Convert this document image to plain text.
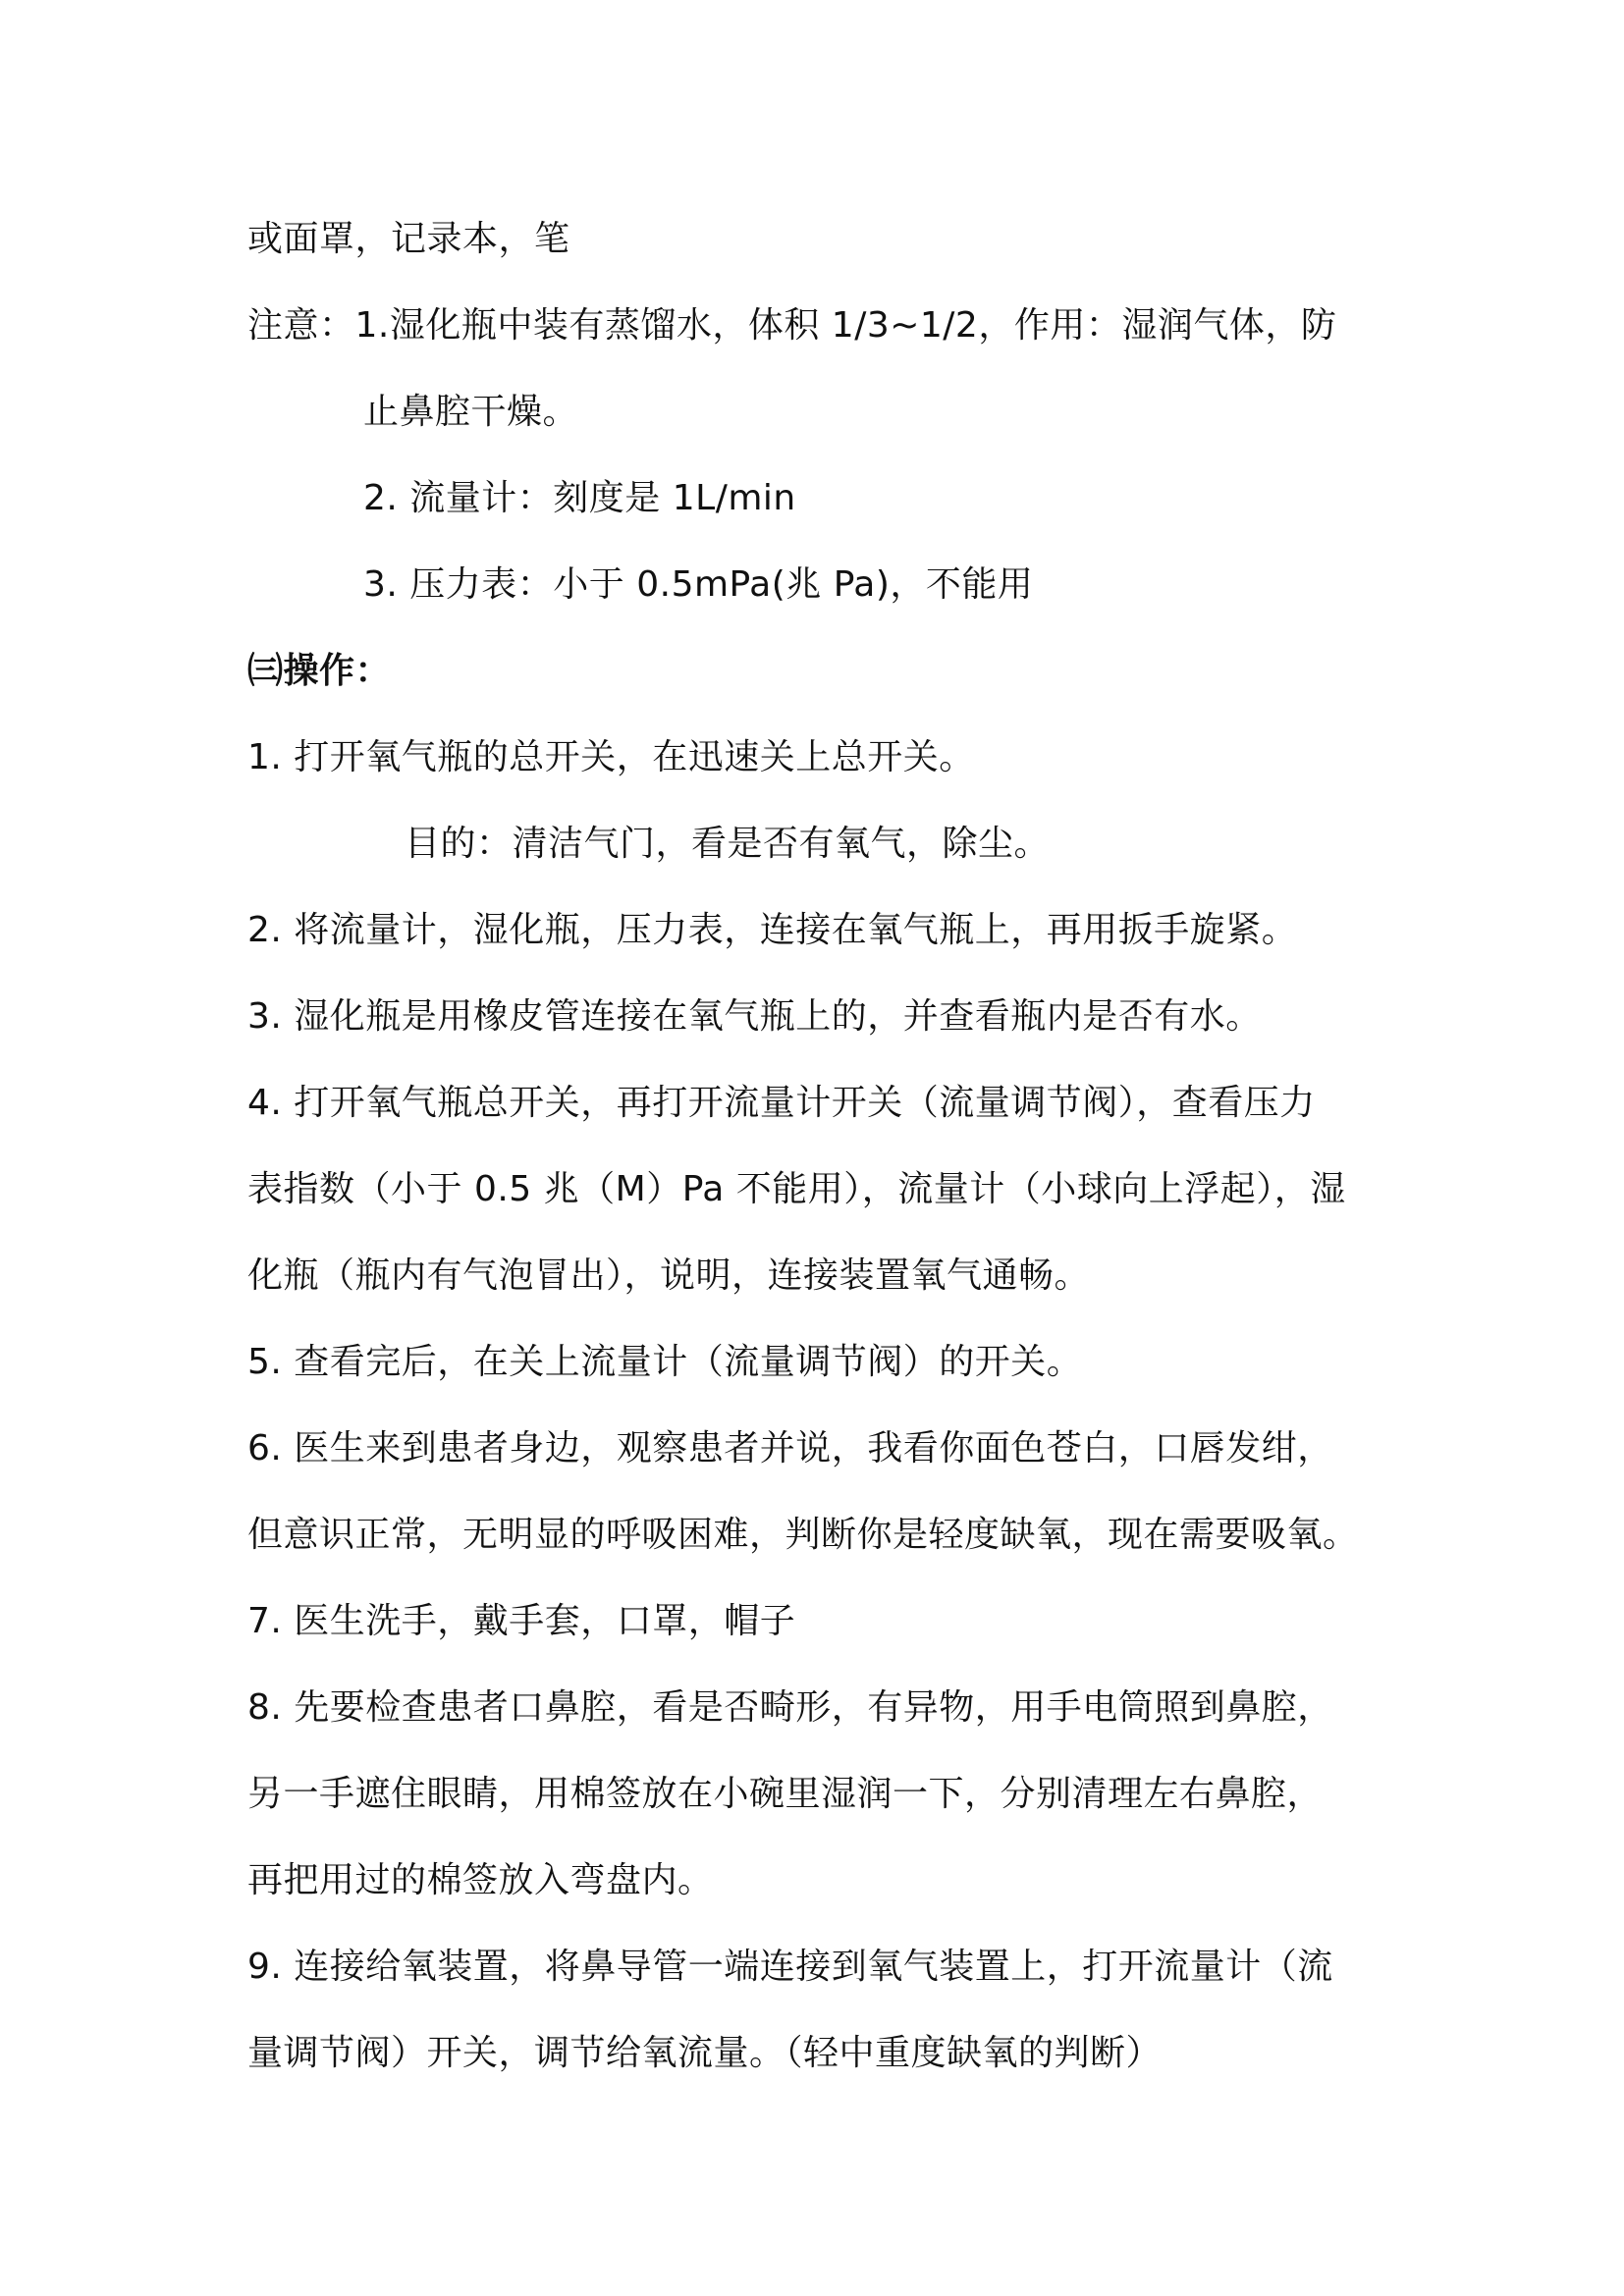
或面罩，记录本，笔
注意：1.湿化瓶中装有蒸馏水，体积 1/3~1/2，作用：湿润气体，防
止鼻腔干燥。
2. 流量计：刻度是 1L/min
3. 压力表：小于 0.5mPa(兆 Pa)，不能用
㈢操作：
1. 打开氧气瓶的总开关，在迅速关上总开关。
目的：清洁气门，看是否有氧气，除尘。
2. 将流量计，湿化瓶，压力表，连接在氧气瓶上，再用扳手旋紧。
3. 湿化瓶是用橡皮管连接在氧气瓶上的，并查看瓶内是否有水。
4. 打开氧气瓶总开关，再打开流量计开关（流量调节阀），查看压力
表指数（小于 0.5 兆（M）Pa 不能用），流量计（小球向上浮起），湿
化瓶（瓶内有气泡冒出），说明，连接装置氧气通畅。
5. 查看完后，在关上流量计（流量调节阀）的开关。
6. 医生来到患者身边，观察患者并说，我看你面色苍白，口唇发绀，
但意识正常，无明显的呼吸困难，判断你是轻度缺氧，现在需要吸氧。
7. 医生洗手，戴手套，口罩，帽子
8. 先要检查患者口鼻腔，看是否畸形，有异物，用手电筒照到鼻腔，
另一手遮住眼睛，用棉签放在小碗里湿润一下，分别清理左右鼻腔，
再把用过的棉签放入弯盘内。
9. 连接给氧装置，将鼻导管一端连接到氧气装置上，打开流量计（流
量调节阀）开关，调节给氧流量。（轻中重度缺氧的判断）
